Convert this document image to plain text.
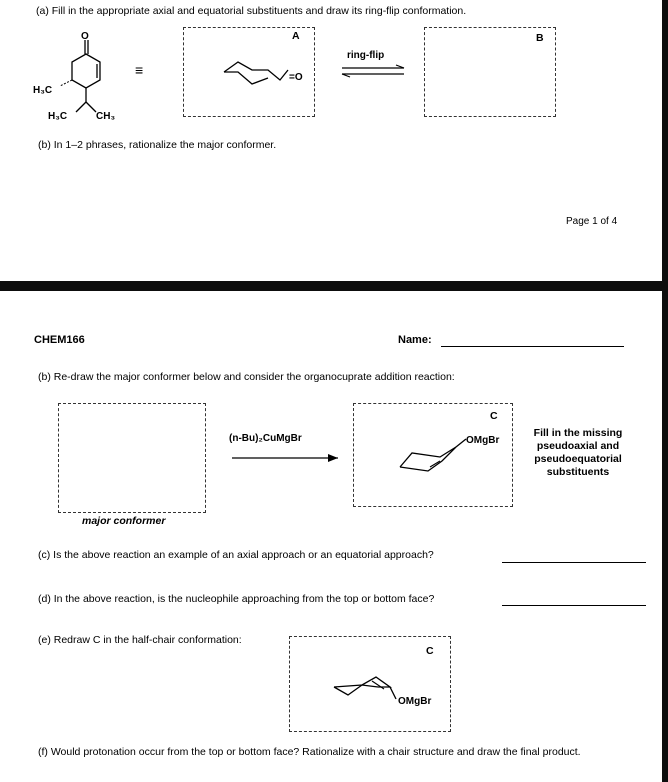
(a) Fill in the appropriate axial and equatorial substituents and draw its ring-flip conformation.
O
H₃C
H₃C	CH₃
≡
A
=O
ring-flip
B
(b) In 1–2 phrases, rationalize the major conformer.
Page 1 of 4
CHEM166	Name:
(b) Re-draw the major conformer below and consider the organocuprate addition reaction:
major conformer
(n-Bu)₂CuMgBr
C
OMgBr
Fill in the missing pseudoaxial and pseudoequatorial substituents
(c) Is the above reaction an example of an axial approach or an equatorial approach?
(d) In the above reaction, is the nucleophile approaching from the top or bottom face?
(e) Redraw C in the half-chair conformation:
C
OMgBr
(f) Would protonation occur from the top or bottom face? Rationalize with a chair structure and draw the final product.
